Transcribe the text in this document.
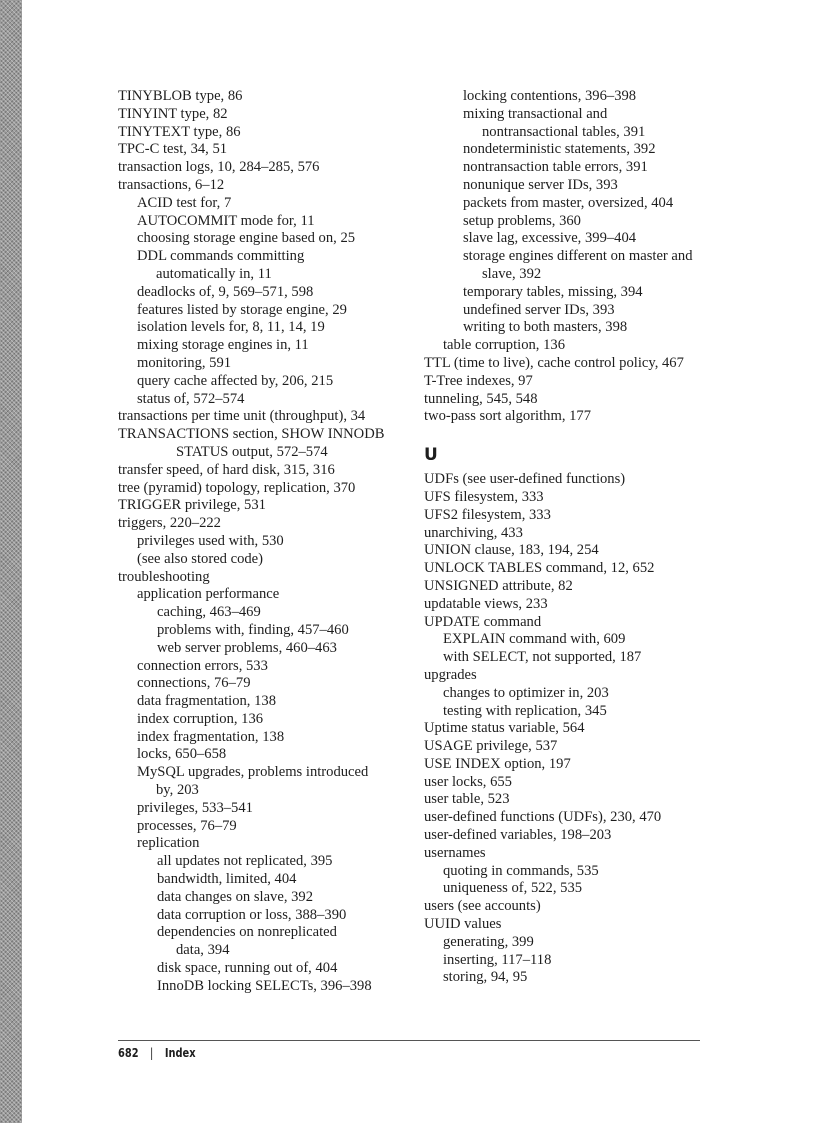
TINYBLOB type, 86
TINYINT type, 82
TINYTEXT type, 86
TPC-C test, 34, 51
transaction logs, 10, 284–285, 576
transactions, 6–12
ACID test for, 7
AUTOCOMMIT mode for, 11
choosing storage engine based on, 25
DDL commands committing
automatically in, 11
deadlocks of, 9, 569–571, 598
features listed by storage engine, 29
isolation levels for, 8, 11, 14, 19
mixing storage engines in, 11
monitoring, 591
query cache affected by, 206, 215
status of, 572–574
transactions per time unit (throughput), 34
TRANSACTIONS section, SHOW INNODB
STATUS output, 572–574
transfer speed, of hard disk, 315, 316
tree (pyramid) topology, replication, 370
TRIGGER privilege, 531
triggers, 220–222
privileges used with, 530
(see also stored code)
troubleshooting
application performance
caching, 463–469
problems with, finding, 457–460
web server problems, 460–463
connection errors, 533
connections, 76–79
data fragmentation, 138
index corruption, 136
index fragmentation, 138
locks, 650–658
MySQL upgrades, problems introduced
by, 203
privileges, 533–541
processes, 76–79
replication
all updates not replicated, 395
bandwidth, limited, 404
data changes on slave, 392
data corruption or loss, 388–390
dependencies on nonreplicated
data, 394
disk space, running out of, 404
InnoDB locking SELECTs, 396–398
locking contentions, 396–398
mixing transactional and
nontransactional tables, 391
nondeterministic statements, 392
nontransaction table errors, 391
nonunique server IDs, 393
packets from master, oversized, 404
setup problems, 360
slave lag, excessive, 399–404
storage engines different on master and
slave, 392
temporary tables, missing, 394
undefined server IDs, 393
writing to both masters, 398
table corruption, 136
TTL (time to live), cache control policy, 467
T-Tree indexes, 97
tunneling, 545, 548
two-pass sort algorithm, 177
U
UDFs (see user-defined functions)
UFS filesystem, 333
UFS2 filesystem, 333
unarchiving, 433
UNION clause, 183, 194, 254
UNLOCK TABLES command, 12, 652
UNSIGNED attribute, 82
updatable views, 233
UPDATE command
EXPLAIN command with, 609
with SELECT, not supported, 187
upgrades
changes to optimizer in, 203
testing with replication, 345
Uptime status variable, 564
USAGE privilege, 537
USE INDEX option, 197
user locks, 655
user table, 523
user-defined functions (UDFs), 230, 470
user-defined variables, 198–203
usernames
quoting in commands, 535
uniqueness of, 522, 535
users (see accounts)
UUID values
generating, 399
inserting, 117–118
storing, 94, 95
682 | Index
